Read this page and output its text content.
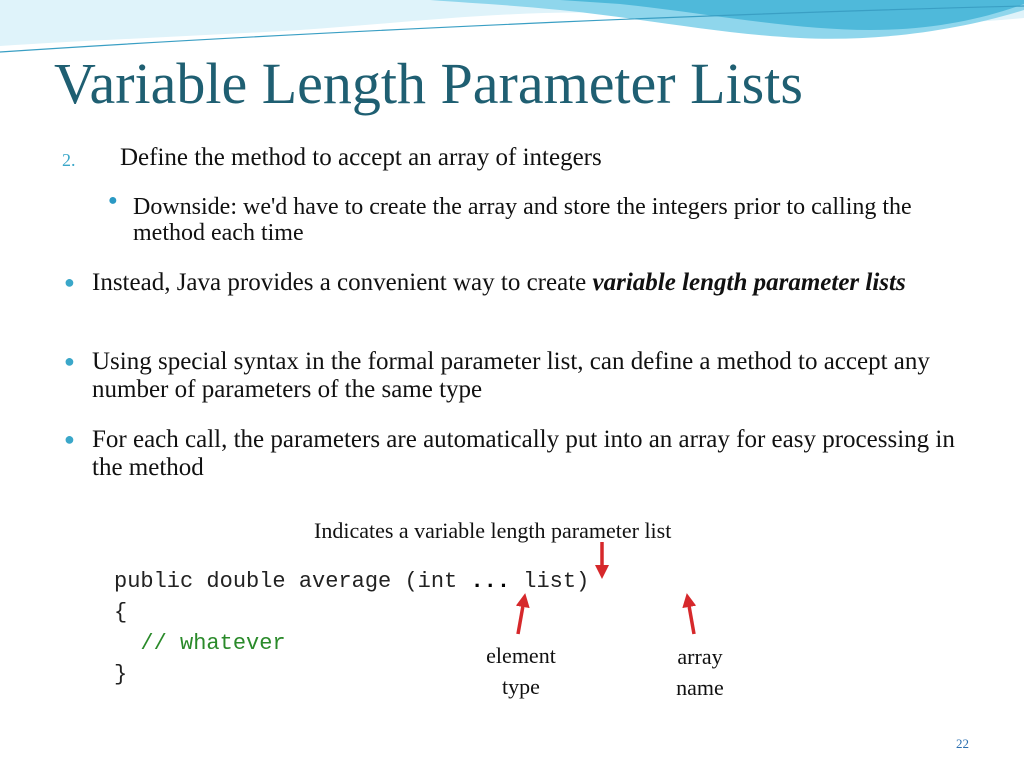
Variable Length Parameter Lists
2. Define the method to accept an array of integers
● Downside: we'd have to create the array and store the integers prior to calling the method each time
● Instead, Java provides a convenient way to create variable length parameter lists
● Using special syntax in the formal parameter list, can define a method to accept any number of parameters of the same type
● For each call, the parameters are automatically put into an array for easy processing in the method
Indicates a variable length parameter list
public double average (int ... list)
{
// whatever
}
element
type
array
name
22
